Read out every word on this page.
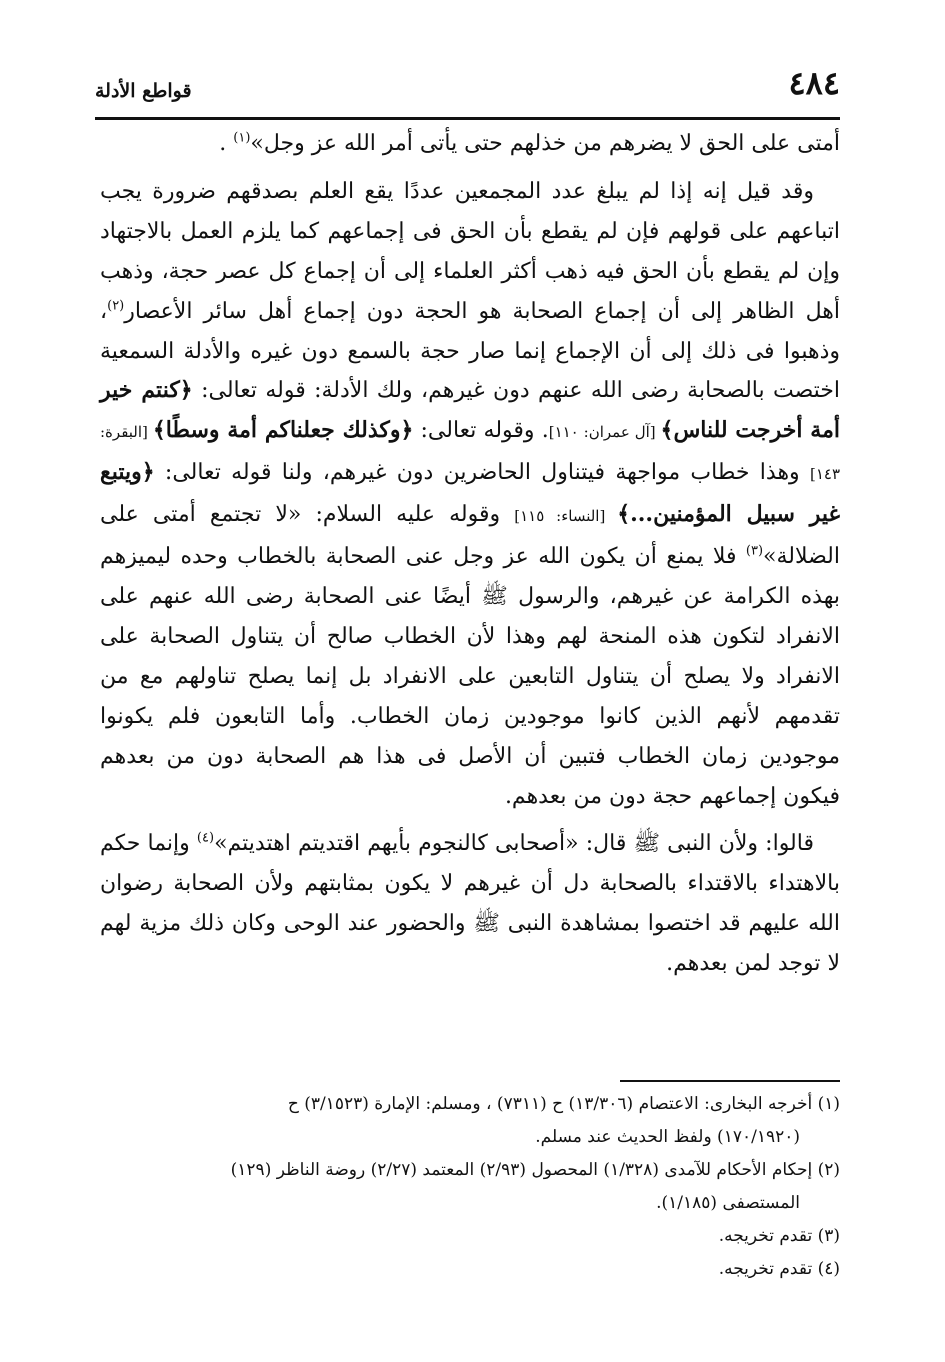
٤٨٤
قواطع الأدلة

أمتى على الحق لا يضرهم من خذلهم حتى يأتى أمر الله عز وجل»$^{(١)}$ .

وقد قيل إنه إذا لم يبلغ عدد المجمعين عددًا يقع العلم بصدقهم ضرورة يجب اتباعهم على قولهم فإن لم يقطع بأن الحق فى إجماعهم كما يلزم العمل بالاجتهاد وإن لم يقطع بأن الحق فيه ذهب أكثر العلماء إلى أن إجماع كل عصر حجة، وذهب أهل الظاهر إلى أن إجماع الصحابة هو الحجة دون إجماع أهل سائر الأعصار$^{(٢)}$، وذهبوا فى ذلك إلى أن الإجماع إنما صار حجة بالسمع دون غيره والأدلة السمعية اختصت بالصحابة رضى الله عنهم دون غيرهم، ولك الأدلة: قوله تعالى: ﴿كنتم خير أمة أخرجت للناس﴾ [آل عمران: ١١٠]. وقوله تعالى: ﴿وكذلك جعلناكم أمة وسطًا﴾ [البقرة: ١٤٣] وهذا خطاب مواجهة فيتناول الحاضرين دون غيرهم، ولنا قوله تعالى: ﴿ويتبع غير سبيل المؤمنين...﴾ [النساء: ١١٥] وقوله عليه السلام: «لا تجتمع أمتى على الضلالة»$^{(٣)}$ فلا يمنع أن يكون الله عز وجل عنى الصحابة بالخطاب وحده ليميزهم بهذه الكرامة عن غيرهم، والرسول ﷺ أيضًا عنى الصحابة رضى الله عنهم على الانفراد لتكون هذه المنحة لهم وهذا لأن الخطاب صالح أن يتناول الصحابة على الانفراد ولا يصلح أن يتناول التابعين على الانفراد بل إنما يصلح تناولهم مع من تقدمهم لأنهم الذين كانوا موجودين زمان الخطاب. وأما التابعون فلم يكونوا موجودين زمان الخطاب فتبين أن الأصل فى هذا هم الصحابة دون من بعدهم فيكون إجماعهم حجة دون من بعدهم.

قالوا: ولأن النبى ﷺ قال: «أصحابى كالنجوم بأيهم اقتديتم اهتديتم»$^{(٤)}$ وإنما حكم بالاهتداء بالاقتداء بالصحابة دل أن غيرهم لا يكون بمثابتهم ولأن الصحابة رضوان الله عليهم قد اختصوا بمشاهدة النبى ﷺ والحضور عند الوحى وكان ذلك مزية لهم لا توجد لمن بعدهم.

(١) أخرجه البخارى: الاعتصام (١٣/٣٠٦) ح (٧٣١١) ، ومسلم: الإمارة (٣/١٥٢٣) ح

(١٧٠/١٩٢٠) ولفظ الحديث عند مسلم.

(٢) إحكام الأحكام للآمدى (١/٣٢٨) المحصول (٢/٩٣) المعتمد (٢/٢٧) روضة الناظر (١٢٩)

المستصفى (١/١٨٥).

(٣) تقدم تخريجه.

(٤) تقدم تخريجه.
